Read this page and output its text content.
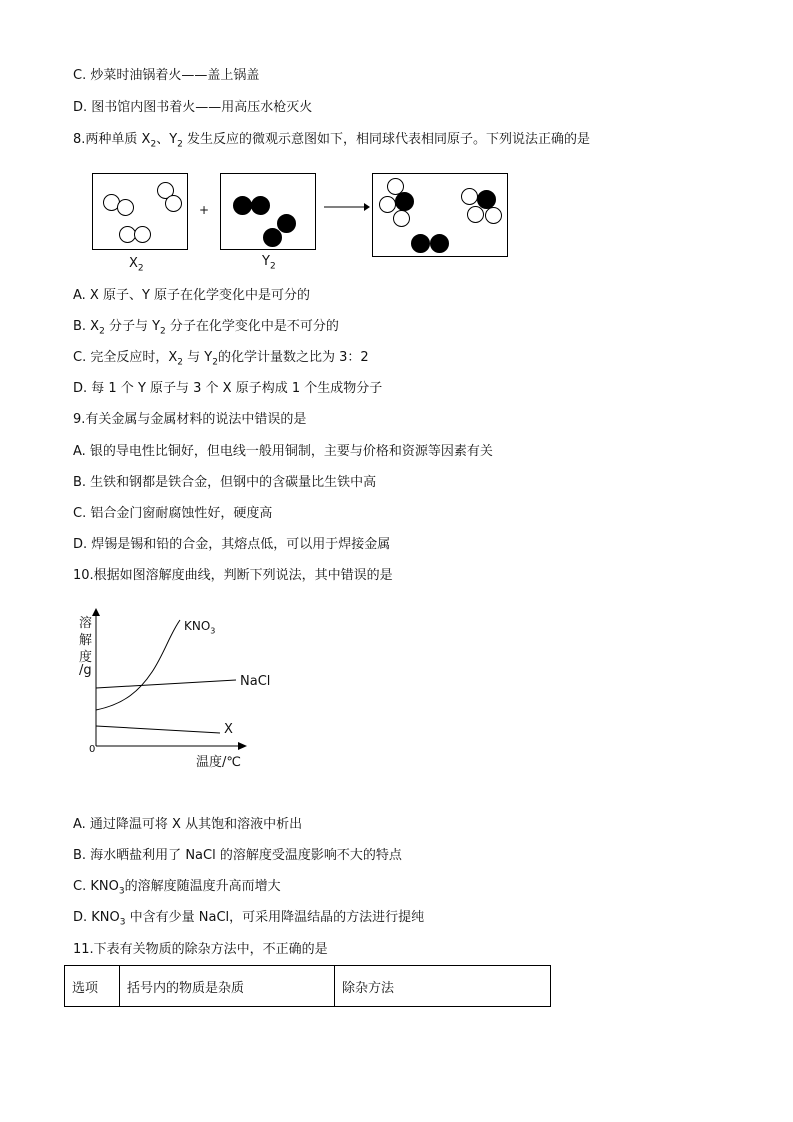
C. 炒菜时油锅着火——盖上锅盖
D. 图书馆内图书着火——用高压水枪灭火
8.两种单质 $X_2$、$Y_2$ 发生反应的微观示意图如下，相同球代表相同原子。下列说法正确的是
$X_2$
+
$Y_2$
A. X 原子、Y 原子在化学变化中是可分的
B. $X_2$ 分子与 $Y_2$ 分子在化学变化中是不可分的
C. 完全反应时，$X_2$ 与 $Y_2$的化学计量数之比为 3：2
D. 每 1 个 Y 原子与 3 个 X 原子构成 1 个生成物分子
9.有关金属与金属材料的说法中错误的是
A. 银的导电性比铜好，但电线一般用铜制，主要与价格和资源等因素有关
B. 生铁和钢都是铁合金，但钢中的含碳量比生铁中高
C. 铝合金门窗耐腐蚀性好，硬度高
D. 焊锡是锡和铅的合金，其熔点低，可以用于焊接金属
10.根据如图溶解度曲线，判断下列说法，其中错误的是
溶
解
度
/g
$KNO_3$
NaCl
X
0
温度/℃
A. 通过降温可将 X 从其饱和溶液中析出
B. 海水晒盐利用了 NaCl 的溶解度受温度影响不大的特点
C. $KNO_3$的溶解度随温度升高而增大
D. $KNO_3$ 中含有少量 NaCl，可采用降温结晶的方法进行提纯
11.下表有关物质的除杂方法中，不正确的是
选项	括号内的物质是杂质	除杂方法
